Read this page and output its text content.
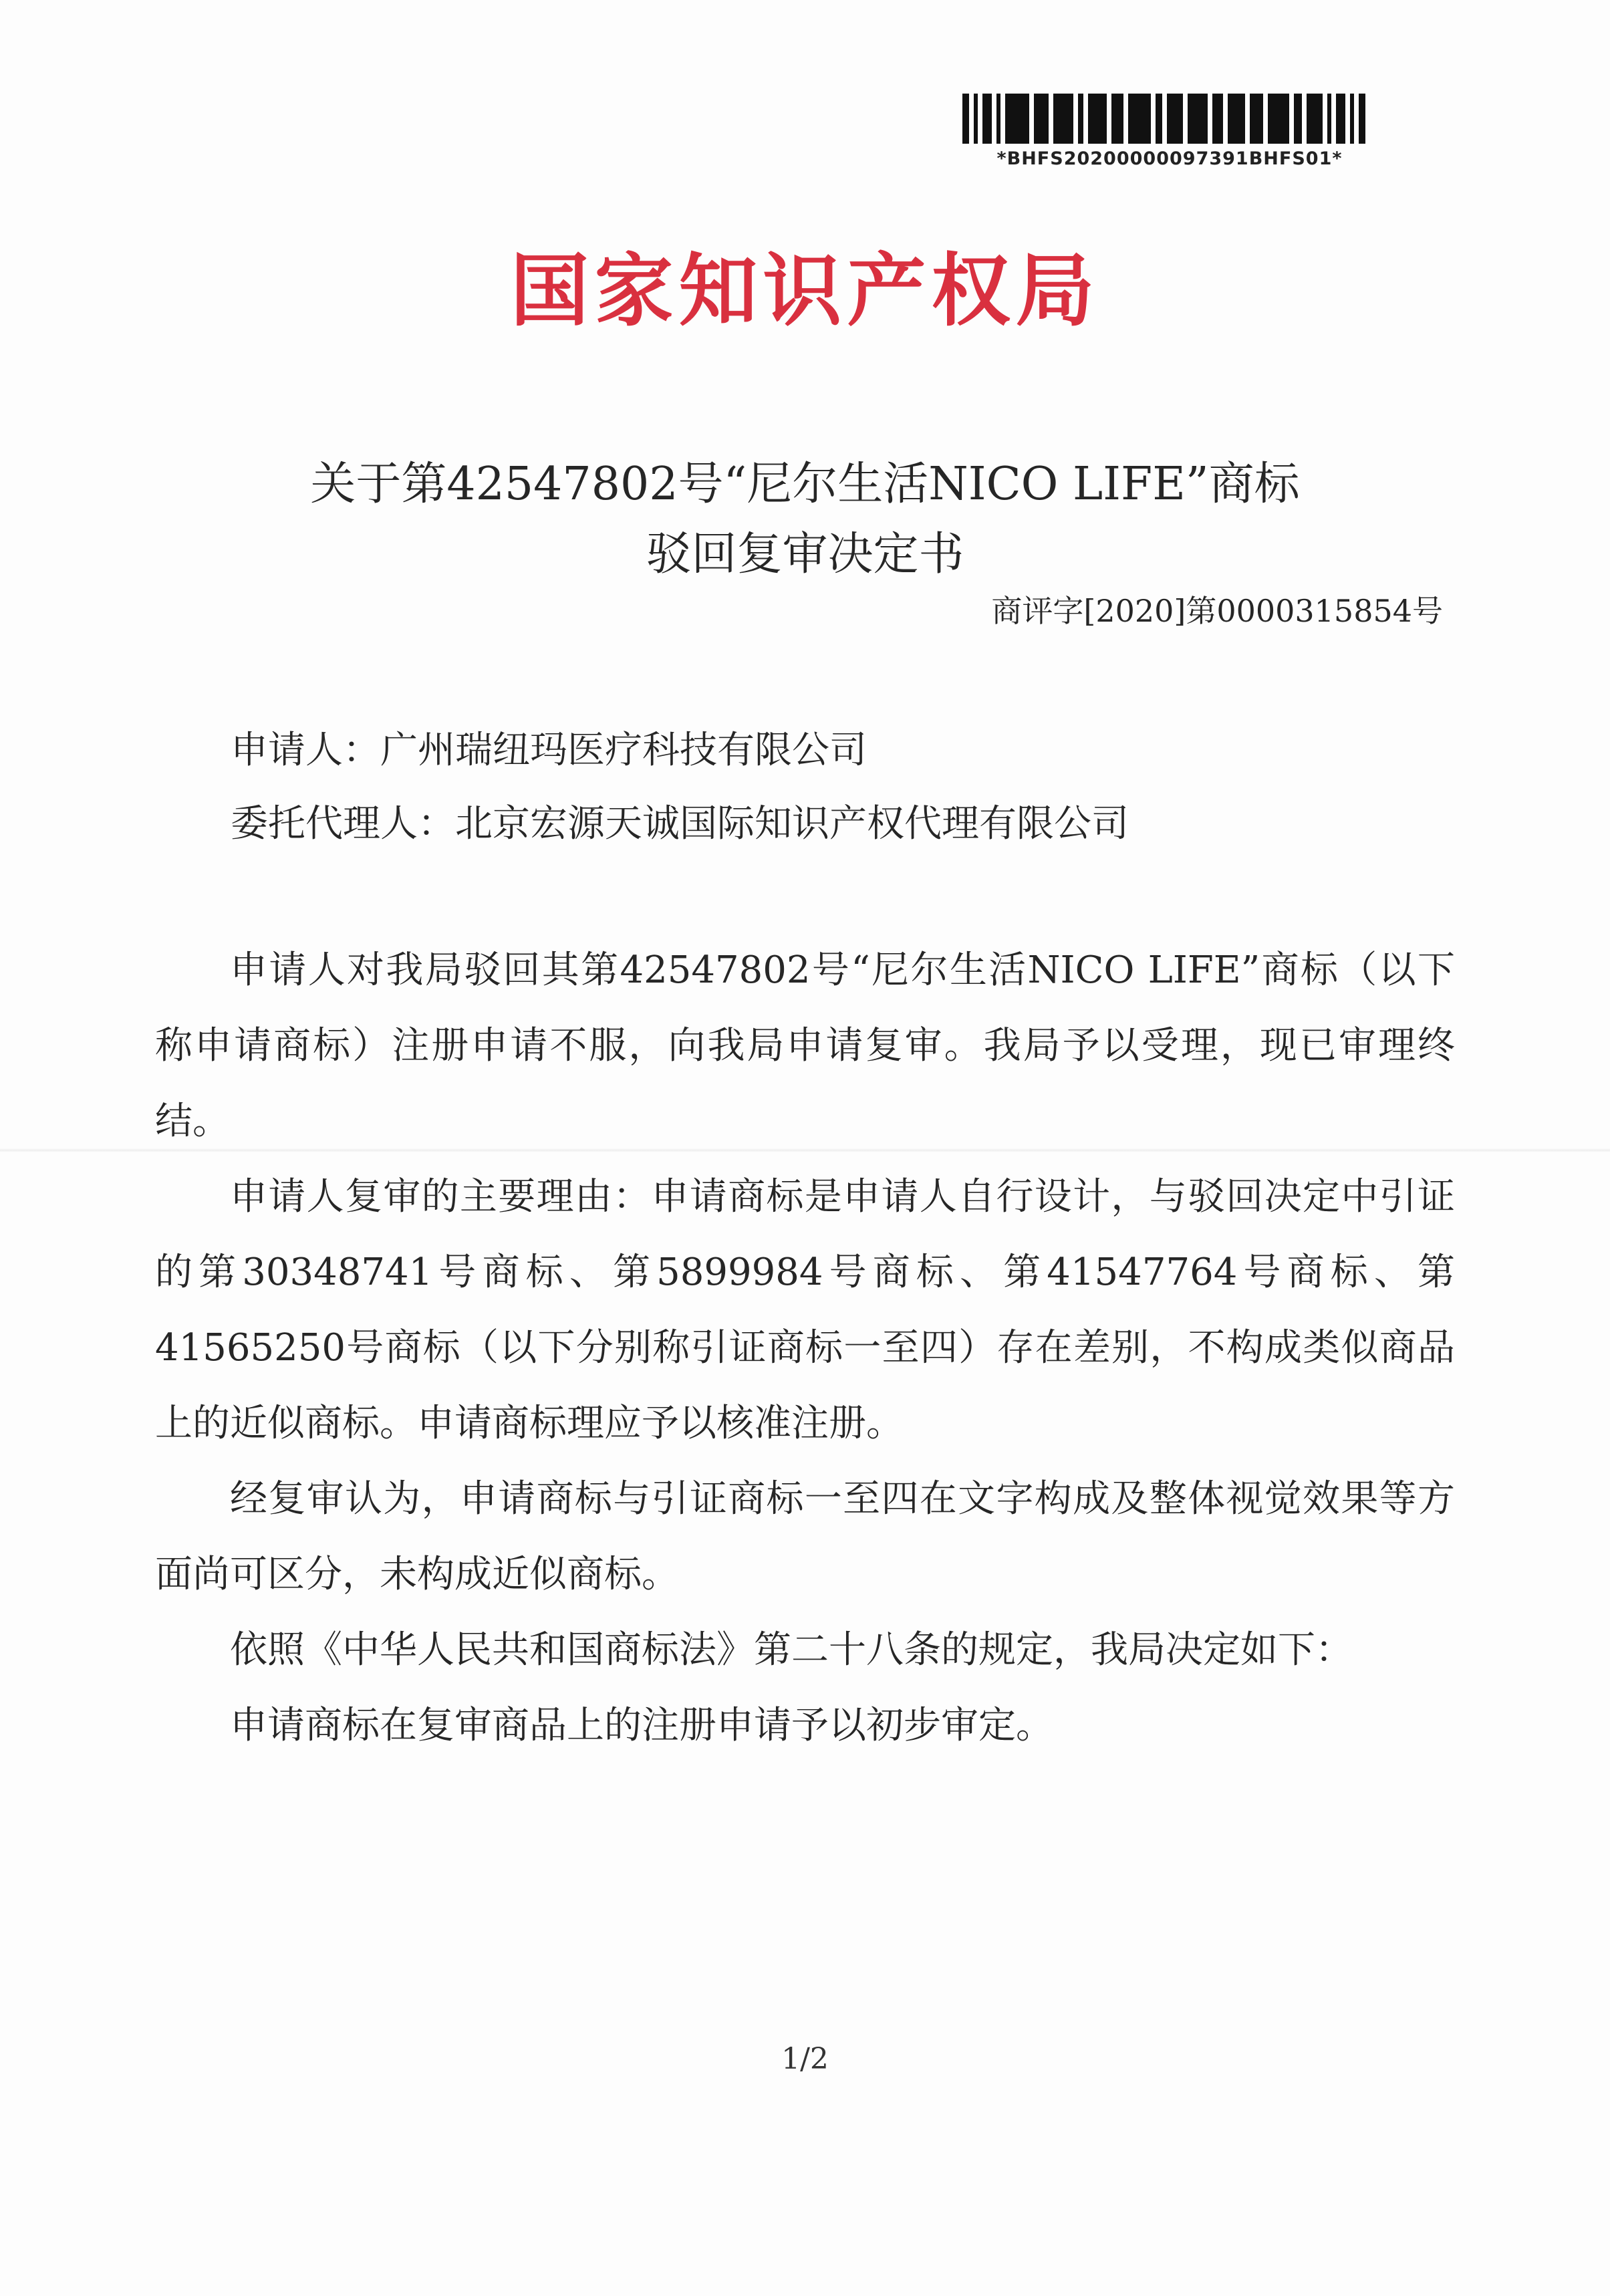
*BHFS20200000097391BHFS01*
国家知识产权局
关于第42547802号“尼尔生活NICO LIFE”商标
驳回复审决定书
商评字[2020]第0000315854号
申请人：广州瑞纽玛医疗科技有限公司
委托代理人：北京宏源天诚国际知识产权代理有限公司

申请人对我局驳回其第42547802号“尼尔生活NICO LIFE”商标（以下称申请商标）注册申请不服，向我局申请复审。我局予以受理，现已审理终结。

申请人复审的主要理由：申请商标是申请人自行设计，与驳回决定中引证的第30348741号商标、第5899984号商标、第41547764号商标、第41565250号商标（以下分别称引证商标一至四）存在差别，不构成类似商品上的近似商标。申请商标理应予以核准注册。

经复审认为，申请商标与引证商标一至四在文字构成及整体视觉效果等方面尚可区分，未构成近似商标。

依照《中华人民共和国商标法》第二十八条的规定，我局决定如下：

申请商标在复审商品上的注册申请予以初步审定。

1/2
